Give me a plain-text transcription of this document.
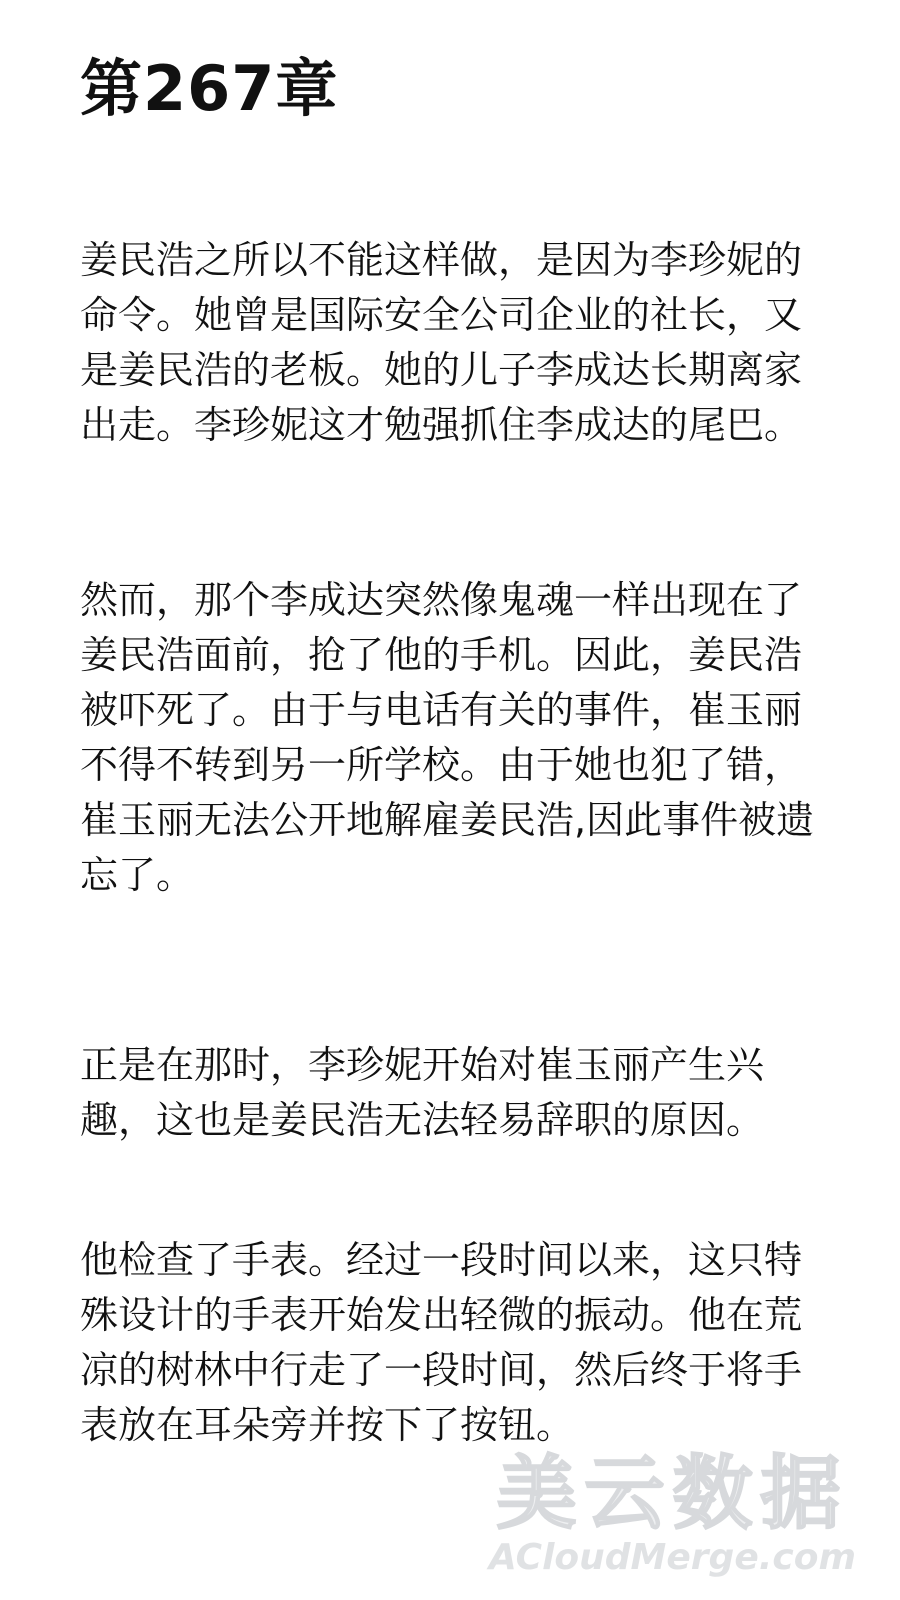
第267章

姜民浩之所以不能这样做，是因为李珍妮的命令。她曾是国际安全公司企业的社长，又是姜民浩的老板。她的儿子李成达长期离家出走。李珍妮这才勉强抓住李成达的尾巴。

然而，那个李成达突然像鬼魂一样出现在了姜民浩面前，抢了他的手机。因此，姜民浩被吓死了。由于与电话有关的事件，崔玉丽不得不转到另一所学校。由于她也犯了错，崔玉丽无法公开地解雇姜民浩,因此事件被遗忘了。

正是在那时，李珍妮开始对崔玉丽产生兴趣，这也是姜民浩无法轻易辞职的原因。

他检查了手表。经过一段时间以来，这只特殊设计的手表开始发出轻微的振动。他在荒凉的树林中行走了一段时间，然后终于将手表放在耳朵旁并按下了按钮。

美云数据
ACloudMerge.com
